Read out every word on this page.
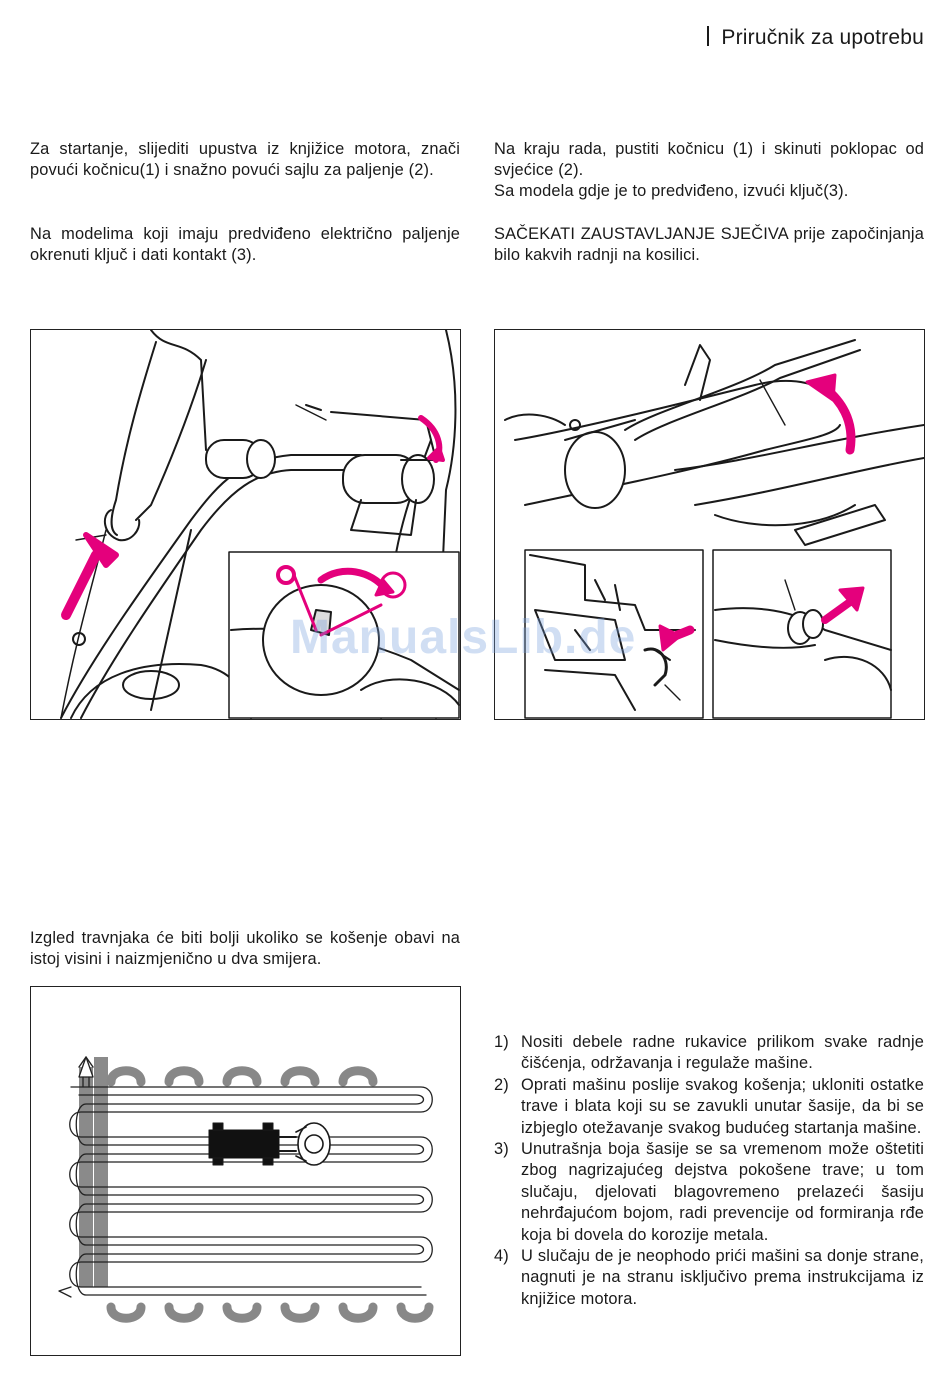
Priručnik za upotrebu
Za startanje, slijediti upustva iz knjižice motora, znači povući kočnicu(1) i snažno povući sajlu za paljenje (2).
Na modelima koji imaju predviđeno električno paljenje okrenuti ključ i dati kontakt (3).
Na kraju rada, pustiti kočnicu (1) i skinuti poklopac od svjećice (2).
Sa modela gdje je to predviđeno, izvući ključ(3).
SAČEKATI ZAUSTAVLJANJE SJEČIVA prije započinjanja bilo kakvih radnji na kosilici.
ManualsLib.de
Izgled travnjaka će biti bolji ukoliko se košenje obavi na istoj visini i naizmjenično u dva smijera.
1) Nositi debele radne rukavice prilikom svake radnje čišćenja, održavanja i regulaže mašine.
2) Oprati mašinu poslije svakog košenja; ukloniti ostatke trave i blata koji su se zavukli unutar šasije, da bi se izbjeglo otežavanje svakog budućeg startanja mašine.
3) Unutrašnja boja šasije se sa vremenom može oštetiti zbog nagrizajućeg dejstva pokošene trave; u tom slučaju, djelovati blagovremeno prelazeći šasiju nehrđajućom bojom, radi prevencije od formiranja rđe koja bi dovela do korozije metala.
4) U slučaju de je neophodo prići mašini sa donje strane, nagnuti je na stranu isključivo prema instrukcijama iz knjižice motora.
